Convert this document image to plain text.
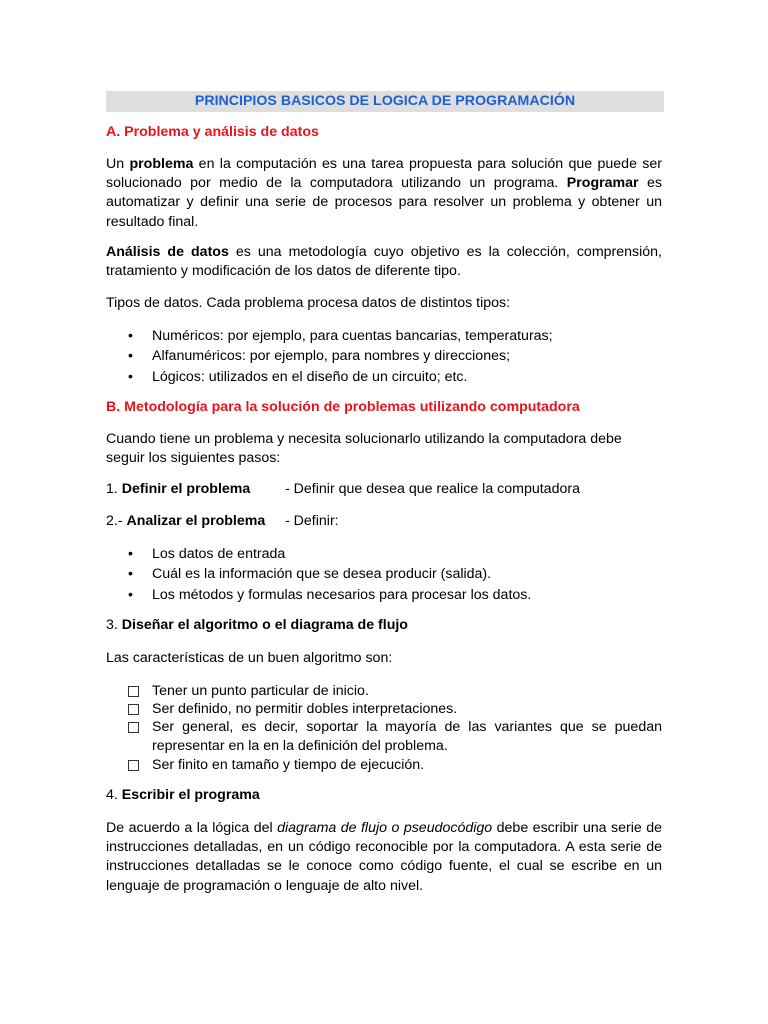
PRINCIPIOS BASICOS DE LOGICA DE PROGRAMACIÓN
A. Problema y análisis de datos
Un problema en la computación es una tarea propuesta para solución que puede ser solucionado por medio de la computadora utilizando un programa. Programar es automatizar y definir una serie de procesos para resolver un problema y obtener un resultado final.
Análisis de datos es una metodología cuyo objetivo es la colección, comprensión, tratamiento y modificación de los datos de diferente tipo.
Tipos de datos. Cada problema procesa datos de distintos tipos:
• Numéricos: por ejemplo, para cuentas bancarias, temperaturas;
• Alfanuméricos: por ejemplo, para nombres y direcciones;
• Lógicos: utilizados en el diseño de un circuito; etc.
B. Metodología para la solución de problemas utilizando computadora
Cuando tiene un problema y necesita solucionarlo utilizando la computadora debe seguir los siguientes pasos:
1. Definir el problema - Definir que desea que realice la computadora
2.- Analizar el problema - Definir:
• Los datos de entrada
• Cuál es la información que se desea producir (salida).
• Los métodos y formulas necesarios para procesar los datos.
3. Diseñar el algoritmo o el diagrama de flujo
Las características de un buen algoritmo son:
Tener un punto particular de inicio.
Ser definido, no permitir dobles interpretaciones.
Ser general, es decir, soportar la mayoría de las variantes que se puedan
representar en la en la definición del problema.
Ser finito en tamaño y tiempo de ejecución.
4. Escribir el programa
De acuerdo a la lógica del diagrama de flujo o pseudocódigo debe escribir una serie de instrucciones detalladas, en un código reconocible por la computadora. A esta serie de instrucciones detalladas se le conoce como código fuente, el cual se escribe en un lenguaje de programación o lenguaje de alto nivel.
